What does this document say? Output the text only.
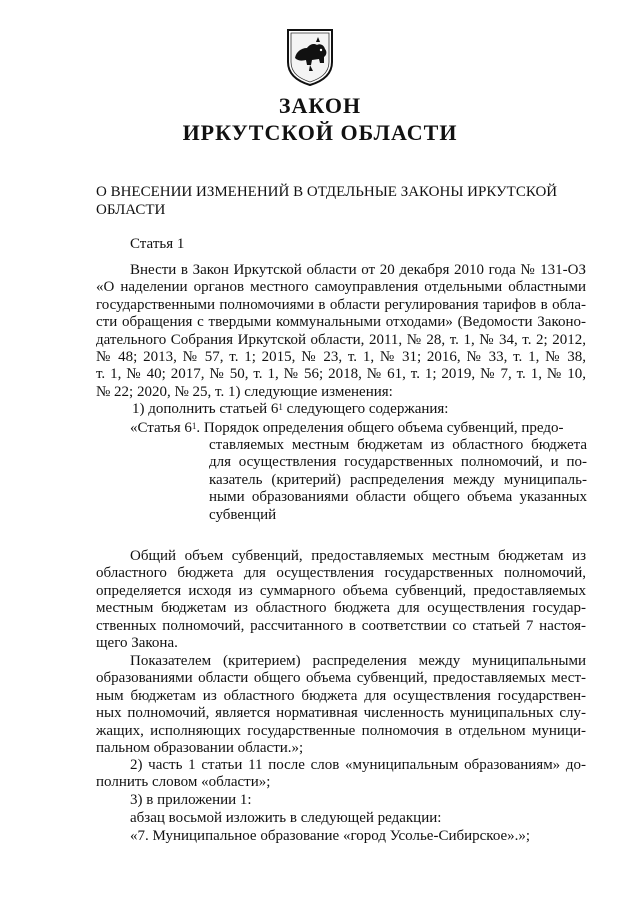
ЗАКОН
ИРКУТСКОЙ ОБЛАСТИ
О ВНЕСЕНИИ ИЗМЕНЕНИЙ В ОТДЕЛЬНЫЕ ЗАКОНЫ ИРКУТСКОЙ ОБЛАСТИ
Статья 1
Внести в Закон Иркутской области от 20 декабря 2010 года № 131-ОЗ
«О наделении органов местного самоуправления отдельными областными
государственными полномочиями в области регулирования тарифов в обла-
сти обращения с твердыми коммунальными отходами» (Ведомости Законо-
дательного Собрания Иркутской области, 2011, № 28, т. 1, № 34, т. 2; 2012,
№ 48; 2013, № 57, т. 1; 2015, № 23, т. 1, № 31; 2016, № 33, т. 1, № 38,
т. 1, № 40; 2017, № 50, т. 1, № 56; 2018, № 61, т. 1; 2019, № 7, т. 1, № 10,
№ 22; 2020, № 25, т. 1) следующие изменения:
1) дополнить статьей $6^1$ следующего содержания:
«Статья $6^1$. Порядок определения общего объема субвенций, предо-
ставляемых местным бюджетам из областного бюджета
для осуществления государственных полномочий, и по-
казатель (критерий) распределения между муниципаль-
ными образованиями области общего объема указанных
субвенций
Общий объем субвенций, предоставляемых местным бюджетам из
областного бюджета для осуществления государственных полномочий,
определяется исходя из суммарного объема субвенций, предоставляемых
местным бюджетам из областного бюджета для осуществления государ-
ственных полномочий, рассчитанного в соответствии со статьей 7 настоя-
щего Закона.
Показателем (критерием) распределения между муниципальными
образованиями области общего объема субвенций, предоставляемых мест-
ным бюджетам из областного бюджета для осуществления государствен-
ных полномочий, является нормативная численность муниципальных слу-
жащих, исполняющих государственные полномочия в отдельном муници-
пальном образовании области.»;
2) часть 1 статьи 11 после слов «муниципальным образованиям» до-
полнить словом «области»;
3) в приложении 1:
абзац восьмой изложить в следующей редакции:
«7. Муниципальное образование «город Усолье-Сибирское».»;
